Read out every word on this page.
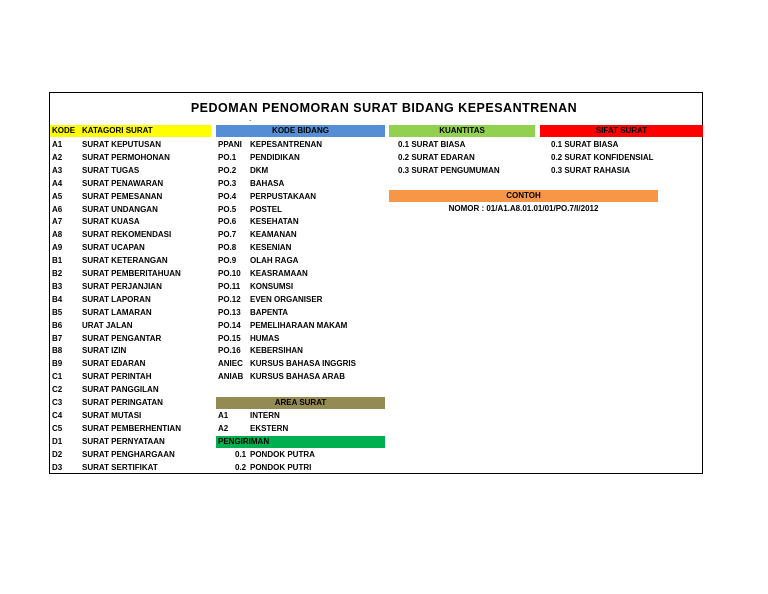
PEDOMAN PENOMORAN SURAT BIDANG KEPESANTRENAN
.
KODE KATAGORI SURAT
A1 SURAT KEPUTUSAN
A2 SURAT PERMOHONAN
A3 SURAT TUGAS
A4 SURAT PENAWARAN
A5 SURAT PEMESANAN
A6 SURAT UNDANGAN
A7 SURAT KUASA
A8 SURAT REKOMENDASI
A9 SURAT UCAPAN
B1 SURAT KETERANGAN
B2 SURAT PEMBERITAHUAN
B3 SURAT PERJANJIAN
B4 SURAT LAPORAN
B5 SURAT LAMARAN
B6 URAT JALAN
B7 SURAT PENGANTAR
B8 SURAT IZIN
B9 SURAT EDARAN
C1 SURAT PERINTAH
C2 SURAT PANGGILAN
C3 SURAT PERINGATAN
C4 SURAT MUTASI
C5 SURAT PEMBERHENTIAN
D1 SURAT PERNYATAAN
D2 SURAT PENGHARGAAN
D3 SURAT SERTIFIKAT
KODE BIDANG
PPANI KEPESANTRENAN
PO.1 PENDIDIKAN
PO.2 DKM
PO.3 BAHASA
PO.4 PERPUSTAKAAN
PO.5 POSTEL
PO.6 KESEHATAN
PO.7 KEAMANAN
PO.8 KESENIAN
PO.9 OLAH RAGA
PO.10 KEASRAMAAN
PO.11 KONSUMSI
PO.12 EVEN ORGANISER
PO.13 BAPENTA
PO.14 PEMELIHARAAN MAKAM
PO.15 HUMAS
PO.16 KEBERSIHAN
ANIEC KURSUS BAHASA INGGRIS
ANIAB KURSUS BAHASA ARAB
AREA SURAT
A1	INTERN
A2	EKSTERN
PENGIRIMAN
0.1 PONDOK PUTRA
0.2 PONDOK PUTRI
KUANTITAS
0.1 SURAT BIASA
0.2 SURAT EDARAN
0.3 SURAT PENGUMUMAN
SIFAT SURAT
0.1 SURAT BIASA
0.2 SURAT KONFIDENSIAL
0.3 SURAT RAHASIA
CONTOH
NOMOR : 01/A1.A8.01.01/01/PO.7/I/2012
